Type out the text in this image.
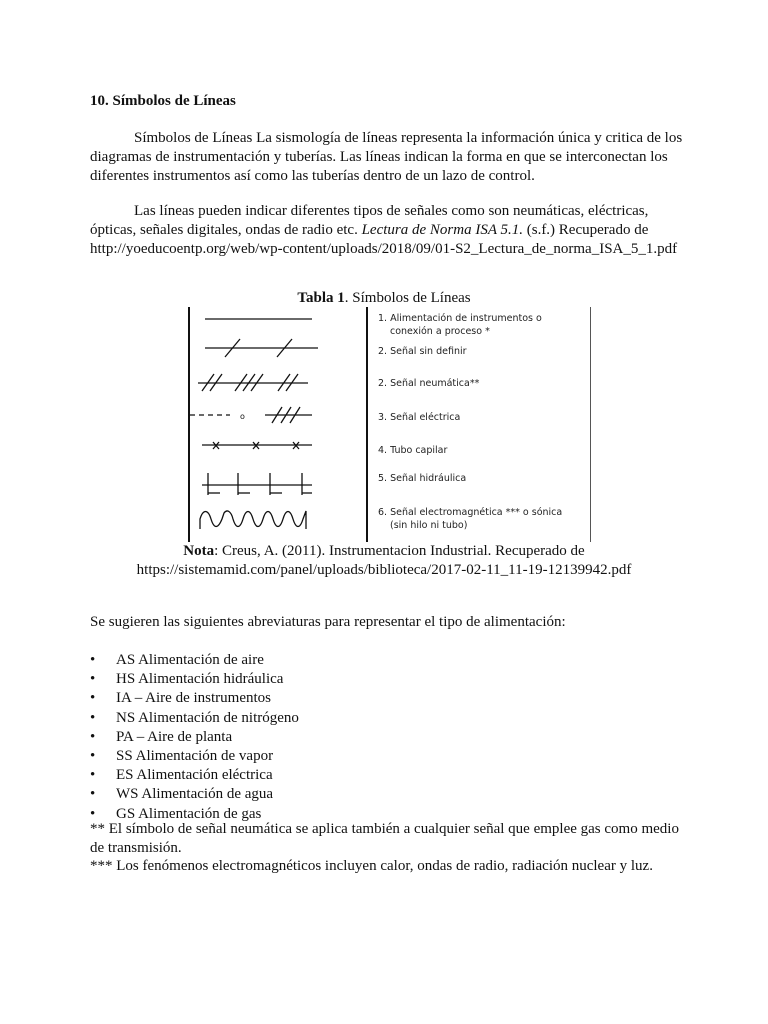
10. Símbolos de Líneas

Símbolos de Líneas La sismología de líneas representa la información única y critica de los diagramas de instrumentación y tuberías. Las líneas indican la forma en que se interconectan los diferentes instrumentos así como las tuberías dentro de un lazo de control.

Las líneas pueden indicar diferentes tipos de señales como son neumáticas, eléctricas, ópticas, señales digitales, ondas de radio etc. Lectura de Norma ISA 5.1. (s.f.) Recuperado de http://yoeducoentp.org/web/wp-content/uploads/2018/09/01-S2_Lectura_de_norma_ISA_5_1.pdf

Tabla 1. Símbolos de Líneas
o
1. Alimentación de instrumentos o
conexión a proceso *
2. Señal sin definir
2. Señal neumática**
3. Señal eléctrica
4. Tubo capilar
5. Señal hidráulica
6. Señal electromagnética *** o sónica
(sin hilo ni tubo)
Nota: Creus, A. (2011). Instrumentacion Industrial. Recuperado de
https://sistemamid.com/panel/uploads/biblioteca/2017-02-11_11-19-12139942.pdf
Se sugieren las siguientes abreviaturas para representar el tipo de alimentación:
• AS Alimentación de aire
• HS Alimentación hidráulica
• IA – Aire de instrumentos
• NS Alimentación de nitrógeno
• PA – Aire de planta
• SS Alimentación de vapor
• ES Alimentación eléctrica
• WS Alimentación de agua
• GS Alimentación de gas

** El símbolo de señal neumática se aplica también a cualquier señal que emplee gas como medio de transmisión.

*** Los fenómenos electromagnéticos incluyen calor, ondas de radio, radiación nuclear y luz.
